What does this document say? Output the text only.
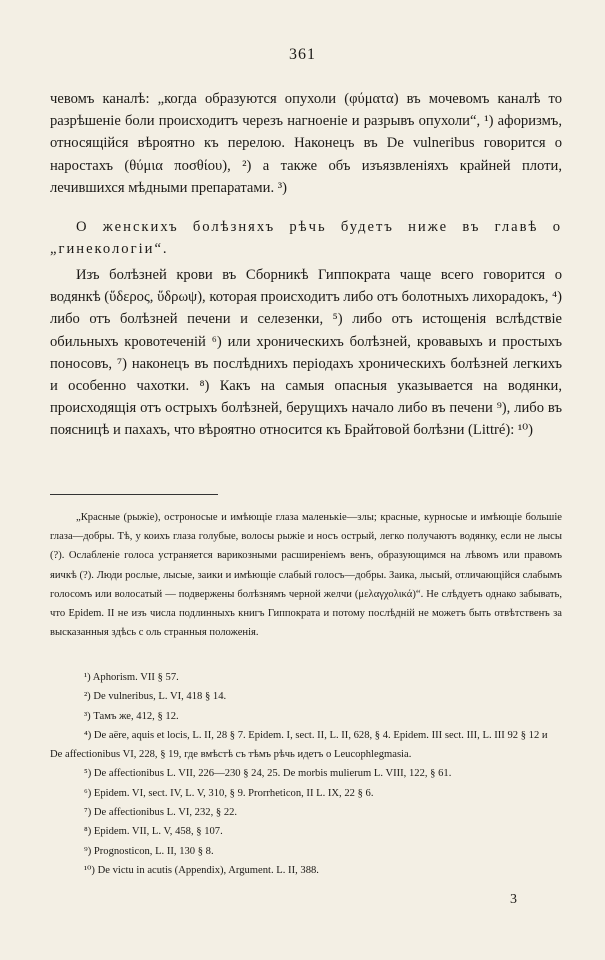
361

чевомъ каналѣ: „когда образуются опухоли (φύματα) въ мочевомъ каналѣ то разрѣшеніе боли происходитъ черезъ нагноеніе и разрывъ опухоли“, ¹) афоризмъ, относящійся вѣроятно къ перелою. Наконецъ въ De vulneribus говорится о наростахъ (θύμια ποσθίου), ²) а также объ изъязвленіяхъ крайней плоти, лечившихся мѣдными препаратами. ³)

О женскихъ болѣзняхъ рѣчь будетъ ниже въ главѣ о „гинекологіи“.

Изъ болѣзней крови въ Сборникѣ Гиппократа чаще всего говорится о водянкѣ (ὕδερος, ὕδρωψ), которая происходитъ либо отъ болотныхъ лихорадокъ, ⁴) либо отъ болѣзней печени и селезенки, ⁵) либо отъ истощенія вслѣдствіе обильныхъ кровотеченій ⁶) или хроническихъ болѣзней, кровавыхъ и простыхъ поносовъ, ⁷) наконецъ въ послѣднихъ періодахъ хроническихъ болѣзней легкихъ и особенно чахотки. ⁸) Какъ на самыя опасныя указывается на водянки, происходящія отъ острыхъ болѣзней, берущихъ начало либо въ печени ⁹), либо въ поясницѣ и пахахъ, что вѣроятно относится къ Брайтовой болѣзни (Littré): ¹⁰)

„Красные (рыжіе), остроносые и имѣющіе глаза маленькіе—злы; красные, курносые и имѣющіе большіе глаза—добры. Тѣ, у коихъ глаза голубые, волосы рыжіе и носъ острый, легко получаютъ водянку, если не лысы (?). Ослабленіе голоса устраняется варикозными расширеніемъ венъ, образующимся на лѣвомъ или правомъ яичкѣ (?). Люди рослые, лысые, заики и имѣющіе слабый голосъ—добры. Заика, лысый, отличающійся слабымъ голосомъ или волосатый — подвержены болѣзнямъ черной желчи (μελαγχολικά)“. Не слѣдуетъ однако забывать, что Epidem. II не изъ числа подлинныхъ книгъ Гиппократа и потому послѣдній не можетъ быть отвѣтственъ за высказанныя здѣсь с оль странныя положенія.

¹) Aphorism. VII § 57.
²) De vulneribus, L. VI, 418 § 14.
³) Тамъ же, 412, § 12.
⁴) De aëre, aquis et locis, L. II, 28 § 7. Epidem. I, sect. II, L. II, 628, § 4. Epidem. III sect. III, L. III 92 § 12 и De affectionibus VI, 228, § 19, где вмѣстѣ съ тѣмъ рѣчь идетъ о Leucophlegmasia.
⁵) De affectionibus L. VII, 226—230 § 24, 25. De morbis mulierum L. VIII, 122, § 61.
⁶) Epidem. VI, sect. IV, L. V, 310, § 9. Prorrheticon, II L. IX, 22 § 6.
⁷) De affectionibus L. VI, 232, § 22.
⁸) Epidem. VII, L. V, 458, § 107.
⁹) Prognosticon, L. II, 130 § 8.
¹⁰) De victu in acutis (Appendix), Argument. L. II, 388.
3
